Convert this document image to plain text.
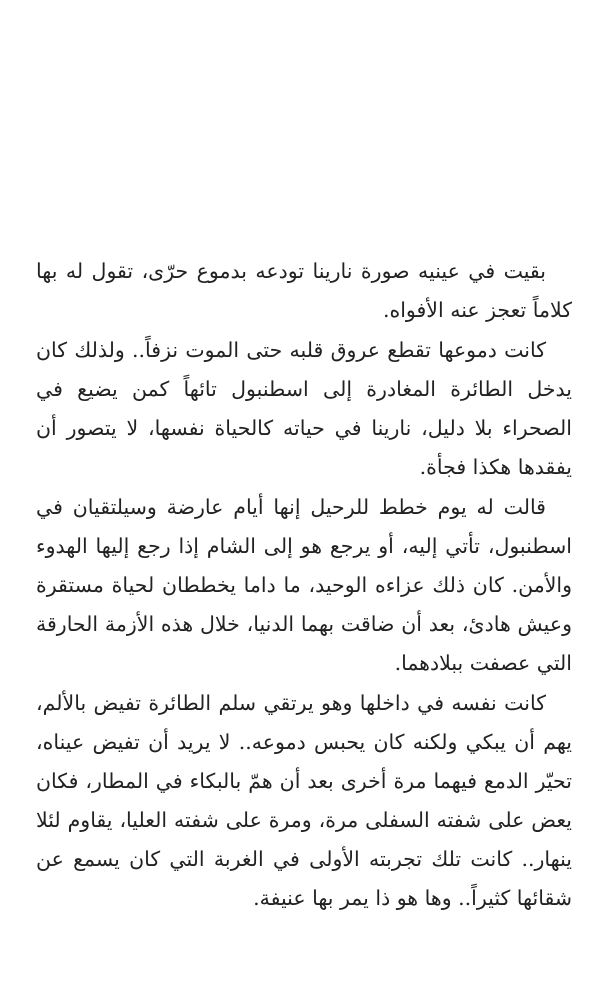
بقيت في عينيه صورة نارينا تودعه بدموع حرّى، تقول له بها كلاماً تعجز عنه الأفواه.

كانت دموعها تقطع عروق قلبه حتى الموت نزفاً.. ولذلك كان يدخل الطائرة المغادرة إلى اسطنبول تائهاً كمن يضيع في الصحراء بلا دليل، نارينا في حياته كالحياة نفسها، لا يتصور أن يفقدها هكذا فجأة.

قالت له يوم خطط للرحيل إنها أيام عارضة وسيلتقيان في اسطنبول، تأتي إليه، أو يرجع هو إلى الشام إذا رجع إليها الهدوء والأمن. كان ذلك عزاءه الوحيد، ما داما يخططان لحياة مستقرة وعيش هادئ، بعد أن ضاقت بهما الدنيا، خلال هذه الأزمة الحارقة التي عصفت ببلادهما.

كانت نفسه في داخلها وهو يرتقي سلم الطائرة تفيض بالألم، يهم أن يبكي ولكنه كان يحبس دموعه.. لا يريد أن تفيض عيناه، تحيّر الدمع فيهما مرة أخرى بعد أن همّ بالبكاء في المطار، فكان يعض على شفته السفلى مرة، ومرة على شفته العليا، يقاوم لئلا ينهار.. كانت تلك تجربته الأولى في الغربة التي كان يسمع عن شقائها كثيراً.. وها هو ذا يمر بها عنيفة.
